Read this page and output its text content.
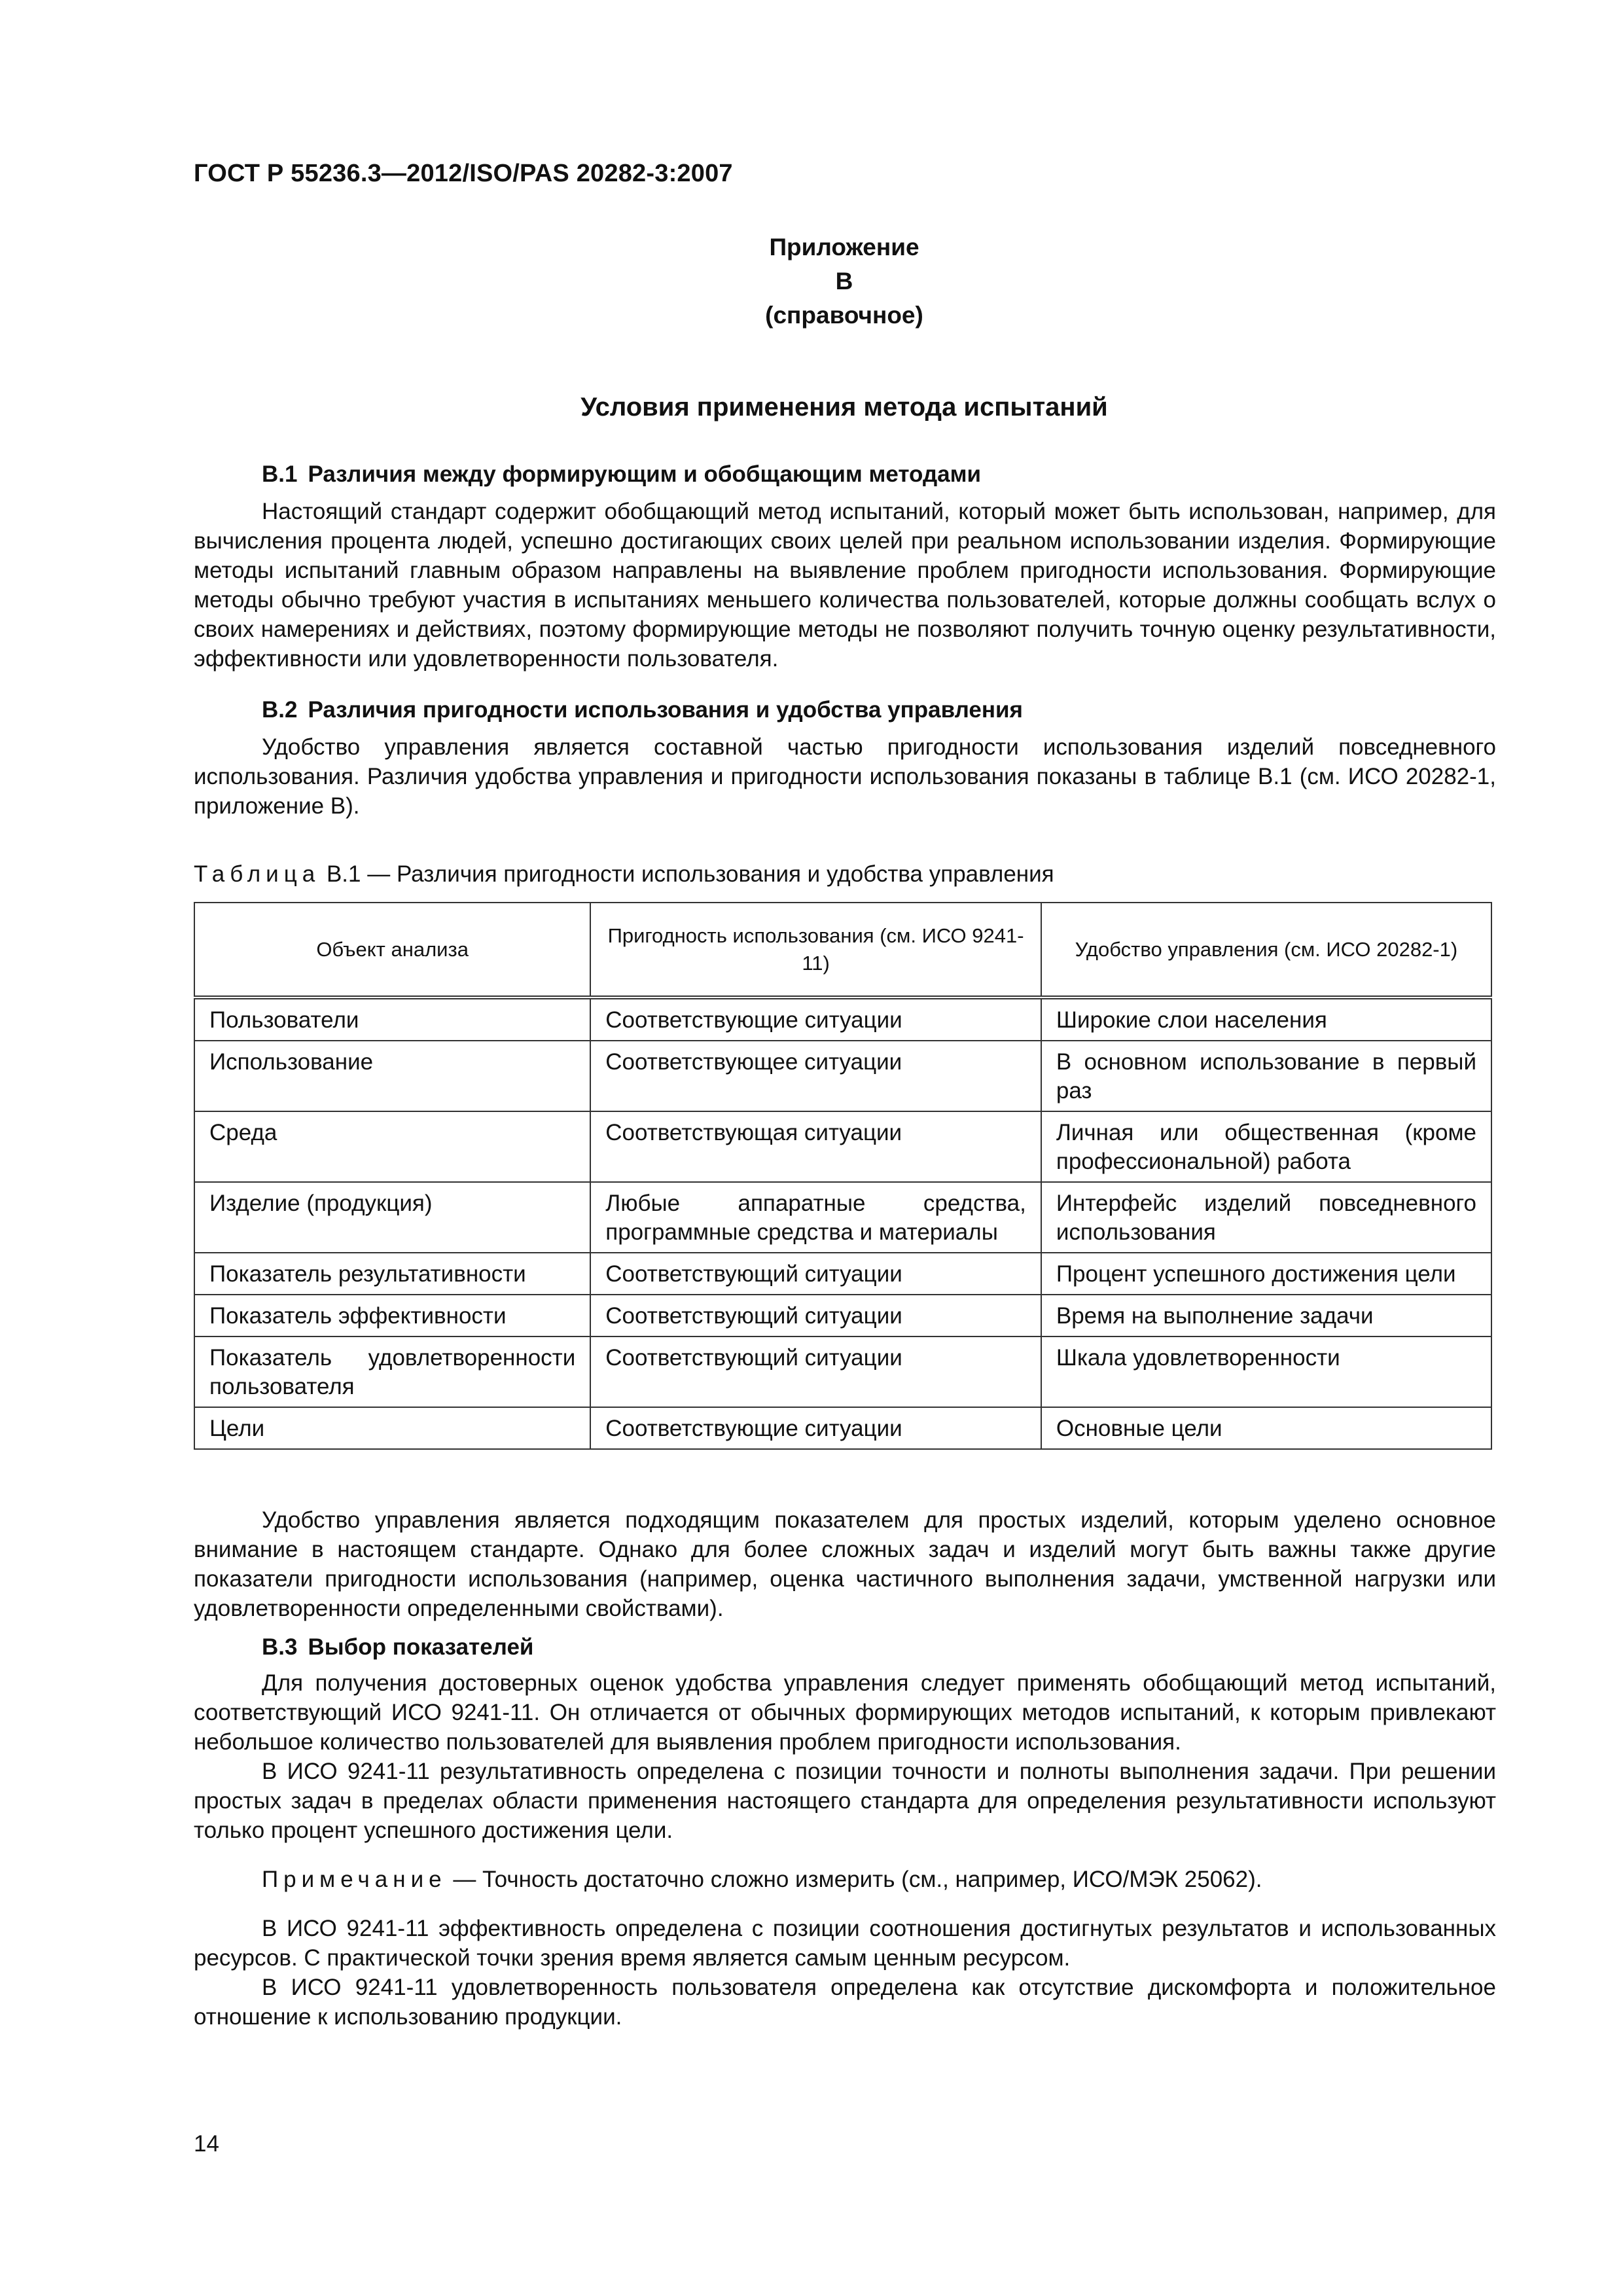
ГОСТ Р 55236.3—2012/ISO/PAS 20282-3:2007
Приложение В
(справочное)
Условия применения метода испытаний

В.1 Различия между формирующим и обобщающим методами

Настоящий стандарт содержит обобщающий метод испытаний, который может быть использован, например, для вычисления процента людей, успешно достигающих своих целей при реальном использовании изделия. Формирующие методы испытаний главным образом направлены на выявление проблем пригодности использования. Формирующие методы обычно требуют участия в испытаниях меньшего количества пользователей, которые должны сообщать вслух о своих намерениях и действиях, поэтому формирующие методы не позволяют получить точную оценку результативности, эффективности или удовлетворенности пользователя.

В.2 Различия пригодности использования и удобства управления

Удобство управления является составной частью пригодности использования изделий повседневного использования. Различия удобства управления и пригодности использования показаны в таблице В.1 (см. ИСО 20282-1, приложение В).

Таблица В.1 — Различия пригодности использования и удобства управления
Объект анализа	Пригодность использования (см. ИСО 9241-11)	Удобство управления (см. ИСО 20282-1)
Пользователи	Соответствующие ситуации	Широкие слои населения
Использование	Соответствующее ситуации	В основном использование в первый раз
Среда	Соответствующая ситуации	Личная или общественная (кроме профессиональной) работа
Изделие (продукция)	Любые аппаратные средства, программные средства и материалы	Интерфейс изделий повседневного использования
Показатель результативности	Соответствующий ситуации	Процент успешного достижения цели
Показатель эффективности	Соответствующий ситуации	Время на выполнение задачи
Показатель удовлетворенности пользователя	Соответствующий ситуации	Шкала удовлетворенности
Цели	Соответствующие ситуации	Основные цели

Удобство управления является подходящим показателем для простых изделий, которым уделено основное внимание в настоящем стандарте. Однако для более сложных задач и изделий могут быть важны также другие показатели пригодности использования (например, оценка частичного выполнения задачи, умственной нагрузки или удовлетворенности определенными свойствами).

В.3 Выбор показателей

Для получения достоверных оценок удобства управления следует применять обобщающий метод испытаний, соответствующий ИСО 9241-11. Он отличается от обычных формирующих методов испытаний, к которым привлекают небольшое количество пользователей для выявления проблем пригодности использования.

В ИСО 9241-11 результативность определена с позиции точности и полноты выполнения задачи. При решении простых задач в пределах области применения настоящего стандарта для определения результативности используют только процент успешного достижения цели.

Примечание — Точность достаточно сложно измерить (см., например, ИСО/МЭК 25062).

В ИСО 9241-11 эффективность определена с позиции соотношения достигнутых результатов и использованных ресурсов. С практической точки зрения время является самым ценным ресурсом.

В ИСО 9241-11 удовлетворенность пользователя определена как отсутствие дискомфорта и положительное отношение к использованию продукции.

14
